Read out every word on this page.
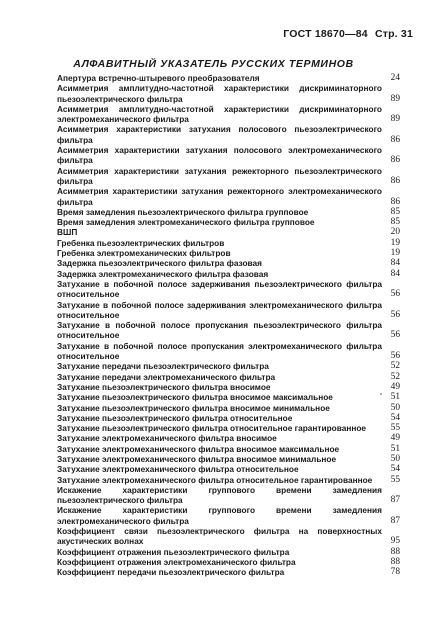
ГОСТ 18670—84 Стр. 31
АЛФАВИТНЫЙ УКАЗАТЕЛЬ РУССКИХ ТЕРМИНОВ
Апертура встречно-штыревого преобразователя	24
Асимметрия амплитудно-частотной характеристики дискриминаторного пьезоэлектрического фильтра	89
Асимметрия амплитудно-частотной характеристики дискриминаторного электромеханического фильтра	89
Асимметрия характеристики затухания полосового пьезоэлектрического фильтра	86
Асимметрия характеристики затухания полосового электромеханического фильтра	86
Асимметрия характеристики затухания режекторного пьезоэлектрического фильтра	86
Асимметрия характеристики затухания режекторного электромеханического фильтра	86
Время замедления пьезоэлектрического фильтра групповое	85
Время замедления электромеханического фильтра групповое	85
ВШП	20
Гребенка пьезоэлектрических фильтров	19
Гребенка электромеханических фильтров	19
Задержка пьезоэлектрического фильтра фазовая	84
Задержка электромеханического фильтра фазовая	84
Затухание в побочной полосе задерживания пьезоэлектрического фильтра относительное	56
Затухание в побочной полосе задерживания электромеханического фильтра относительное	56
Затухание в побочной полосе пропускания пьезоэлектрического фильтра относительное	56
Затухание в побочной полосе пропускания электромеханического фильтра относительное	56
Затухание передачи пьезоэлектрического фильтра	52
Затухание передачи электромеханического фильтра	52
Затухание пьезоэлектрического фильтра вносимое	49
Затухание пьезоэлектрического фильтра вносимое максимальное	51
Затухание пьезоэлектрического фильтра вносимое минимальное	50
Затухание пьезоэлектрического фильтра относительное	54
Затухание пьезоэлектрического фильтра относительное гарантированное	55
Затухание электромеханического фильтра вносимое	49
Затухание электромеханического фильтра вносимое максимальное	51
Затухание электромеханического фильтра вносимое минимальное	50
Затухание электромеханического фильтра относительное	54
Затухание электромеханического фильтра относительное гарантированное	55
Искажение характеристики группового времени замедления пьезоэлектрического фильтра	87
Искажение характеристики группового времени замедления электромеханического фильтра	87
Коэффициент связи пьезоэлектрического фильтра на поверхностных акустических волнах	95
Коэффициент отражения пьезоэлектрического фильтра	88
Коэффициент отражения электромеханического фильтра	88
Коэффициент передачи пьезоэлектрического фильтра	78
